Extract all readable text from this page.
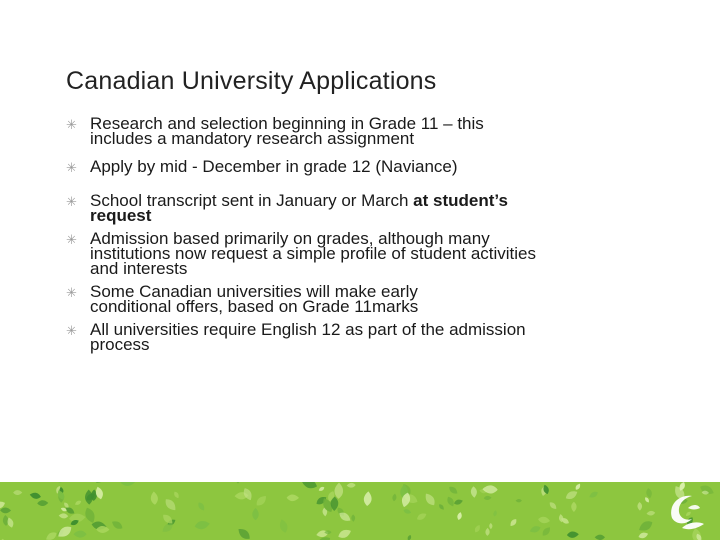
Canadian University Applications
✳ Research and selection beginning in Grade 11 – this
includes a mandatory research assignment
✳ Apply by mid - December in grade 12 (Naviance)
✳ School transcript sent in January or March at student’s
request
✳ Admission based primarily on grades, although many
institutions now request a simple profile of student activities
and interests
✳ Some Canadian universities will make early
conditional offers, based on Grade 11marks
✳ All universities require English 12 as part of the admission
process
